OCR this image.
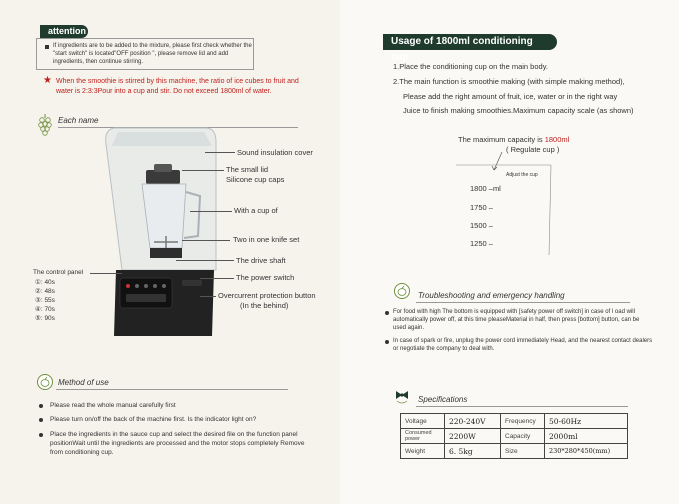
attention
If ingredients are to be added to the mixture, please first check whether the "start switch" is located"OFF position ", please remove lid and add ingredients, then continue stirring.
★ When the smoothie is stirred by this machine, the ratio of ice cubes to fruit and water is 2:3:3Pour into a cup and stir. Do not exceed 1800ml of water.
Each name
Sound insulation cover
The small lid
Silicone cup caps
With a cup of
Two in one knife set
The drive shaft
The power switch
Overcurrent protection button
(In the behind)
The control panel
①: 40s
②: 48s
③: 55s
④: 70s
⑤: 90s
Method of use
Please read the whole manual carefully first
Please turn on/off the back of the machine first. Is the indicator light on?
Place the ingredients in the sauce cup and select the desired file on the function panel positionWait until the ingredients are processed and the motor stops completely Remove from conditioning cup.
Usage of 1800ml conditioning cup
1.Place the conditioning cup on the main body.
2.The main function is smoothie making (with simple making method),
Please add the right amount of fruit, ice, water or in the right way
Juice to finish making smoothies.Maximum capacity scale (as shown)
The maximum capacity is 1800ml
( Regulate cup )
Adjust the cup
1800 –ml
1750 –
1500 –
1250 –
Troubleshooting and emergency handling
For food with high The bottom is equipped with [safety power off switch] in case of l oad will automatically power off, at this time pleaseMaterial in half, then press [bottom] button, can be used again.
In case of spark or fire, unplug the power cord immediately Head, and the nearest contact dealers or negotiate the company to deal with.
Specifications
Voltage	220-240V	Frequency	50-60Hz
Consumed power	2200W	Capacity	2000ml
Weight	6. 5kg	Size	230*280*450(mm)
